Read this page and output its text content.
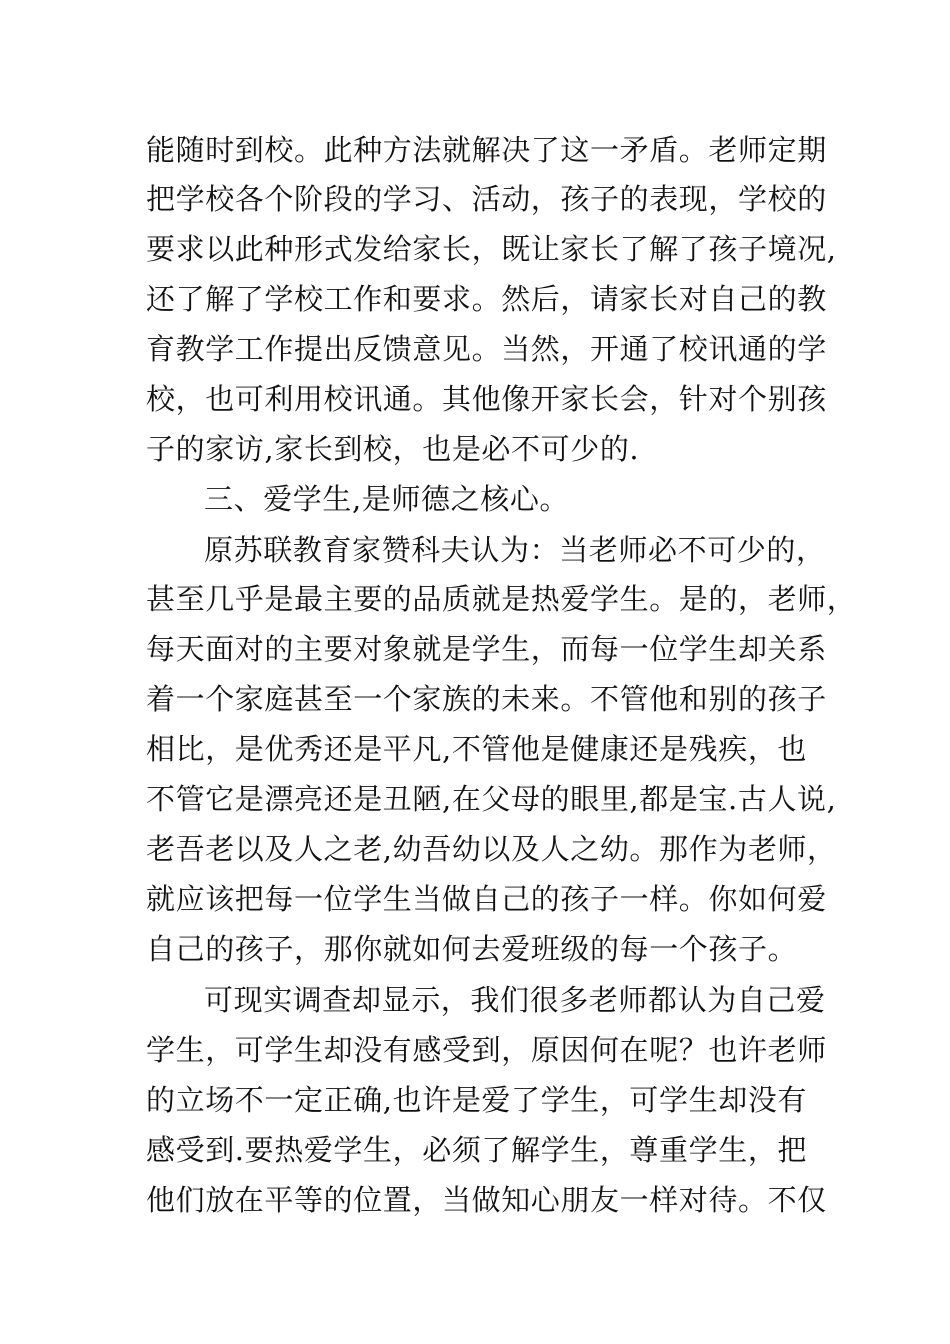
能随时到校。此种方法就解决了这一矛盾。老师定期
把学校各个阶段的学习、活动，孩子的表现，学校的
要求以此种形式发给家长，既让家长了解了孩子境况,
还了解了学校工作和要求。然后，请家长对自己的教
育教学工作提出反馈意见。当然，开通了校讯通的学
校，也可利用校讯通。其他像开家长会，针对个别孩
子的家访,家长到校，也是必不可少的.
三、爱学生,是师德之核心。
原苏联教育家赞科夫认为：当老师必不可少的，
甚至几乎是最主要的品质就是热爱学生。是的，老师，
每天面对的主要对象就是学生，而每一位学生却关系
着一个家庭甚至一个家族的未来。不管他和别的孩子
相比，是优秀还是平凡,不管他是健康还是残疾，也
不管它是漂亮还是丑陋,在父母的眼里,都是宝.古人说,
老吾老以及人之老,幼吾幼以及人之幼。那作为老师，
就应该把每一位学生当做自己的孩子一样。你如何爱
自己的孩子，那你就如何去爱班级的每一个孩子。
可现实调查却显示，我们很多老师都认为自己爱
学生，可学生却没有感受到，原因何在呢？也许老师
的立场不一定正确,也许是爱了学生，可学生却没有
感受到.要热爱学生，必须了解学生，尊重学生，把
他们放在平等的位置，当做知心朋友一样对待。不仅
